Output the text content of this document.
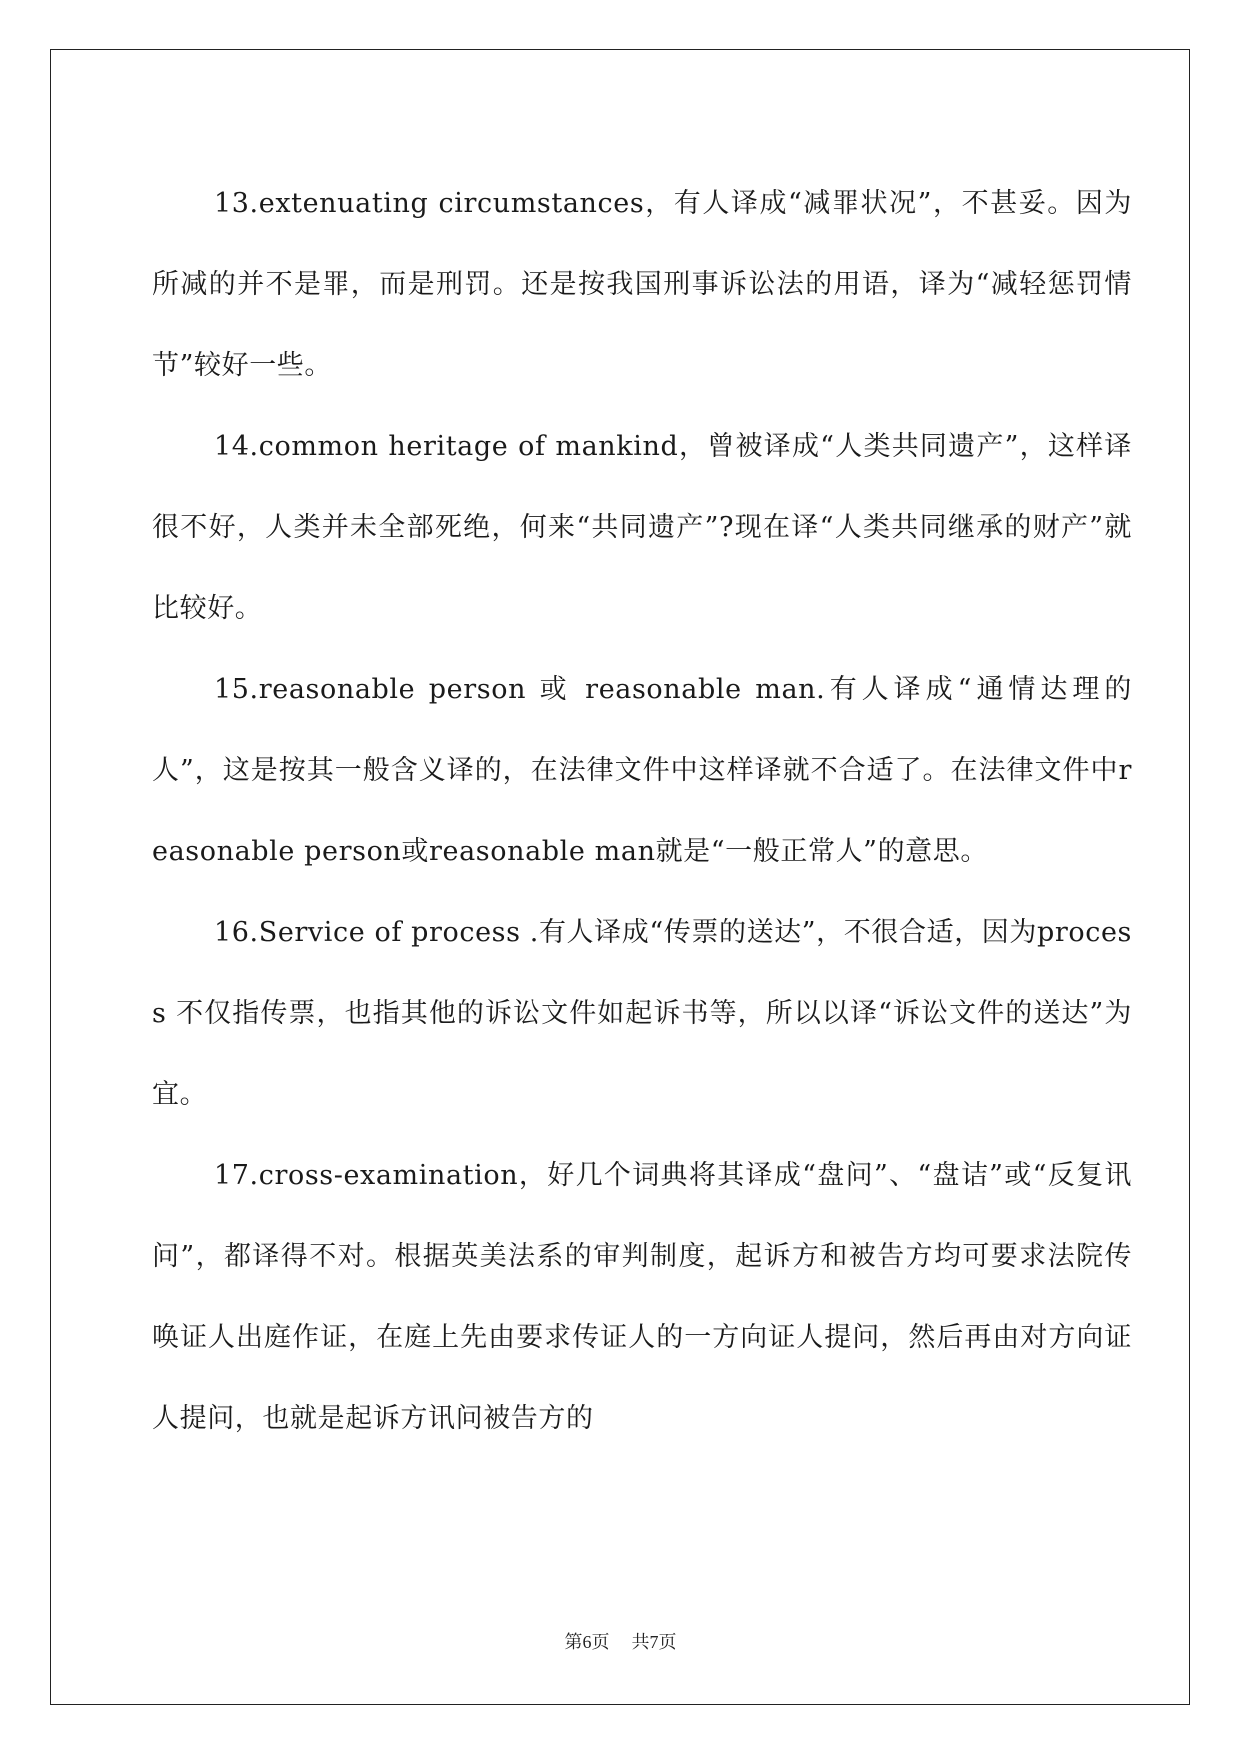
13.extenuating circumstances，有人译成“减罪状况”，不甚妥。因为所减的并不是罪，而是刑罚。还是按我国刑事诉讼法的用语，译为“减轻惩罚情节”较好一些。

14.common heritage of mankind，曾被译成“人类共同遗产”，这样译很不好，人类并未全部死绝，何来“共同遗产”?现在译“人类共同继承的财产”就比较好。

15.reasonable person 或 reasonable man.有人译成“通情达理的人”，这是按其一般含义译的，在法律文件中这样译就不合适了。在法律文件中reasonable person或reasonable man就是“一般正常人”的意思。

16.Service of process .有人译成“传票的送达”，不很合适，因为process 不仅指传票，也指其他的诉讼文件如起诉书等，所以以译“诉讼文件的送达”为宜。

17.cross-examination，好几个词典将其译成“盘问”、“盘诘”或“反复讯问”，都译得不对。根据英美法系的审判制度，起诉方和被告方均可要求法院传唤证人出庭作证，在庭上先由要求传证人的一方向证人提问，然后再由对方向证人提问，也就是起诉方讯问被告方的

第6页 共7页
